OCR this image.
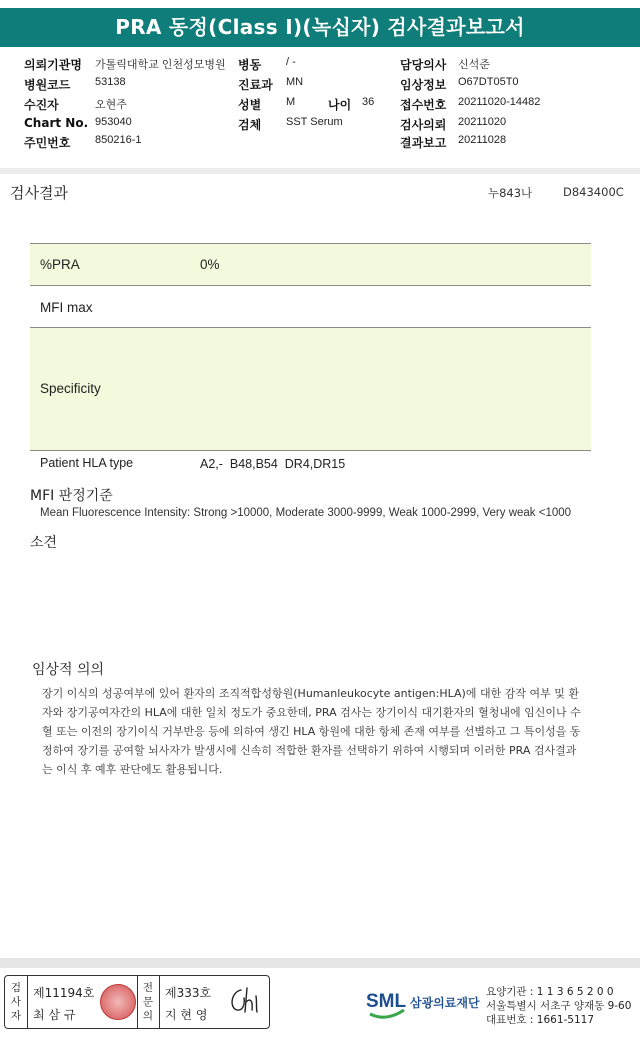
PRA 동정(Class I)(녹십자) 검사결과보고서
의뢰기관명 가톨릭대학교 인천성모병원 병동 / -	담당의사 신석준
병원코드 53138	진료과 MN	임상정보 O67DT05T0
수진자	오현주	성별 M	나이 36 접수번호 20211020-14482
Chart No. 953040	검체 SST Serum	검사의뢰 20211020
주민번호 850216-1	결과보고 20211028
검사결과	누843나	D843400C
%PRA	0%
MFI max
Specificity
Patient HLA type	A2,-  B48,B54  DR4,DR15
MFI 판정기준
Mean Fluorescence Intensity: Strong >10000, Moderate 3000-9999, Weak 1000-2999, Very weak <1000
소견
임상적 의의
장기 이식의 성공여부에 있어 환자의 조직적합성항원(Humanleukocyte antigen:HLA)에 대한 감작 여부 및 환자와 장기공여자간의 HLA에 대한 일치 정도가 중요한데, PRA 검사는 장기이식 대기환자의 혈청내에 임신이나 수혈 또는 이전의 장기이식 거부반응 등에 의하여 생긴 HLA 항원에 대한 항체 존재 여부를 선별하고 그 특이성을 동정하여 장기를 공여할 뇌사자가 발생시에 신속히 적합한 환자를 선택하기 위하여 시행되며 이러한 PRA 검사결과는 이식 후 예후 판단에도 활용됩니다.
검
사
자
제11194호
최 삼 규
전
문
의
제333호
지 현 영
SML 삼광의료재단
요양기관 : 1 1 3 6 5 2 0 0
서울특별시 서초구 양재동 9-60
대표번호 : 1661-5117
